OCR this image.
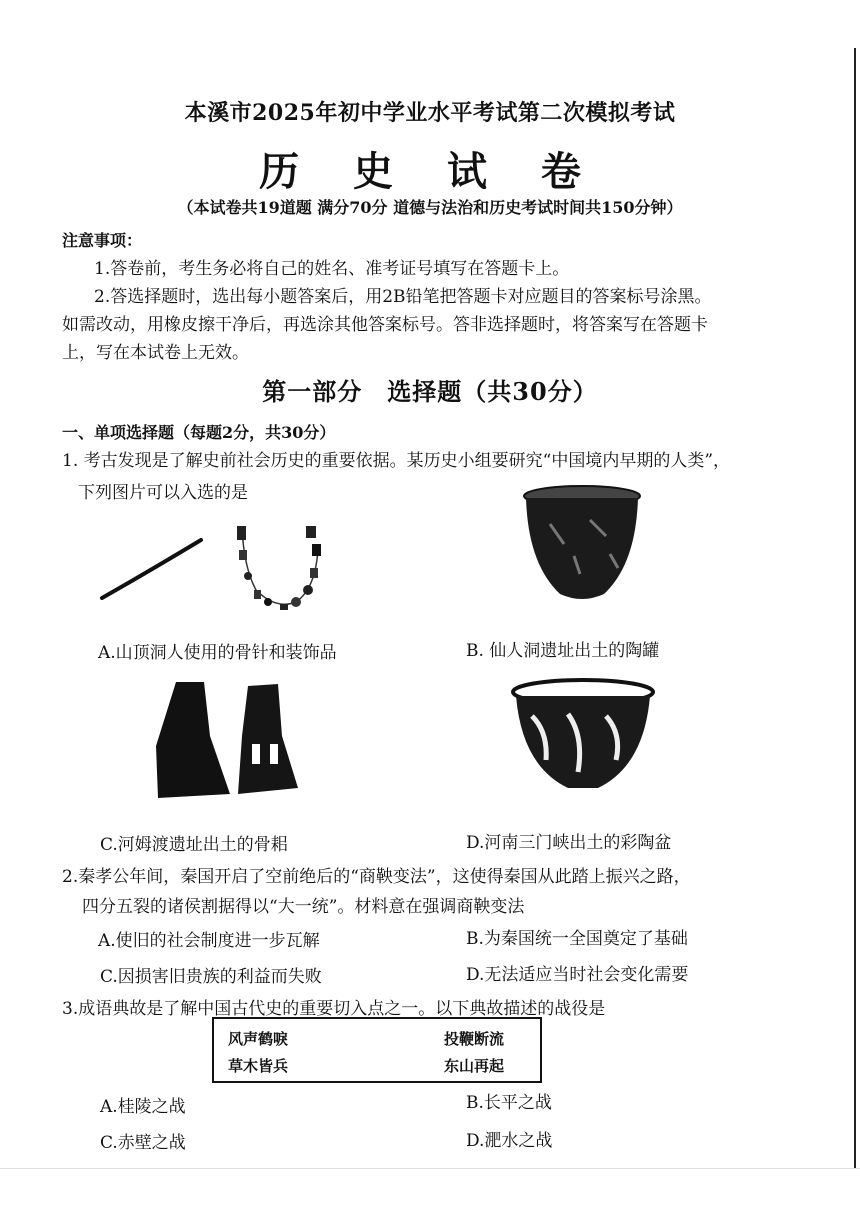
本溪市2025年初中学业水平考试第二次模拟考试
历 史 试 卷
（本试卷共19道题 满分70分 道德与法治和历史考试时间共150分钟）
注意事项：
1.答卷前，考生务必将自己的姓名、准考证号填写在答题卡上。
2.答选择题时，选出每小题答案后，用2B铅笔把答题卡对应题目的答案标号涂黑。
如需改动，用橡皮擦干净后，再选涂其他答案标号。答非选择题时，将答案写在答题卡
上，写在本试卷上无效。
第一部分　选择题（共30分）
一、单项选择题（每题2分，共30分）
1. 考古发现是了解史前社会历史的重要依据。某历史小组要研究“中国境内早期的人类”，
下列图片可以入选的是
A.山顶洞人使用的骨针和装饰品	B. 仙人洞遗址出土的陶罐
C.河姆渡遗址出土的骨耜	D.河南三门峡出土的彩陶盆
2.秦孝公年间，秦国开启了空前绝后的“商鞅变法”，这使得秦国从此踏上振兴之路，
四分五裂的诸侯割据得以“大一统”。材料意在强调商鞅变法
A.使旧的社会制度进一步瓦解	B.为秦国统一全国奠定了基础
C.因损害旧贵族的利益而失败	D.无法适应当时社会变化需要
3.成语典故是了解中国古代史的重要切入点之一。以下典故描述的战役是
风声鹤唳	投鞭断流
草木皆兵	东山再起
A.桂陵之战	B.长平之战
C.赤壁之战	D.淝水之战
